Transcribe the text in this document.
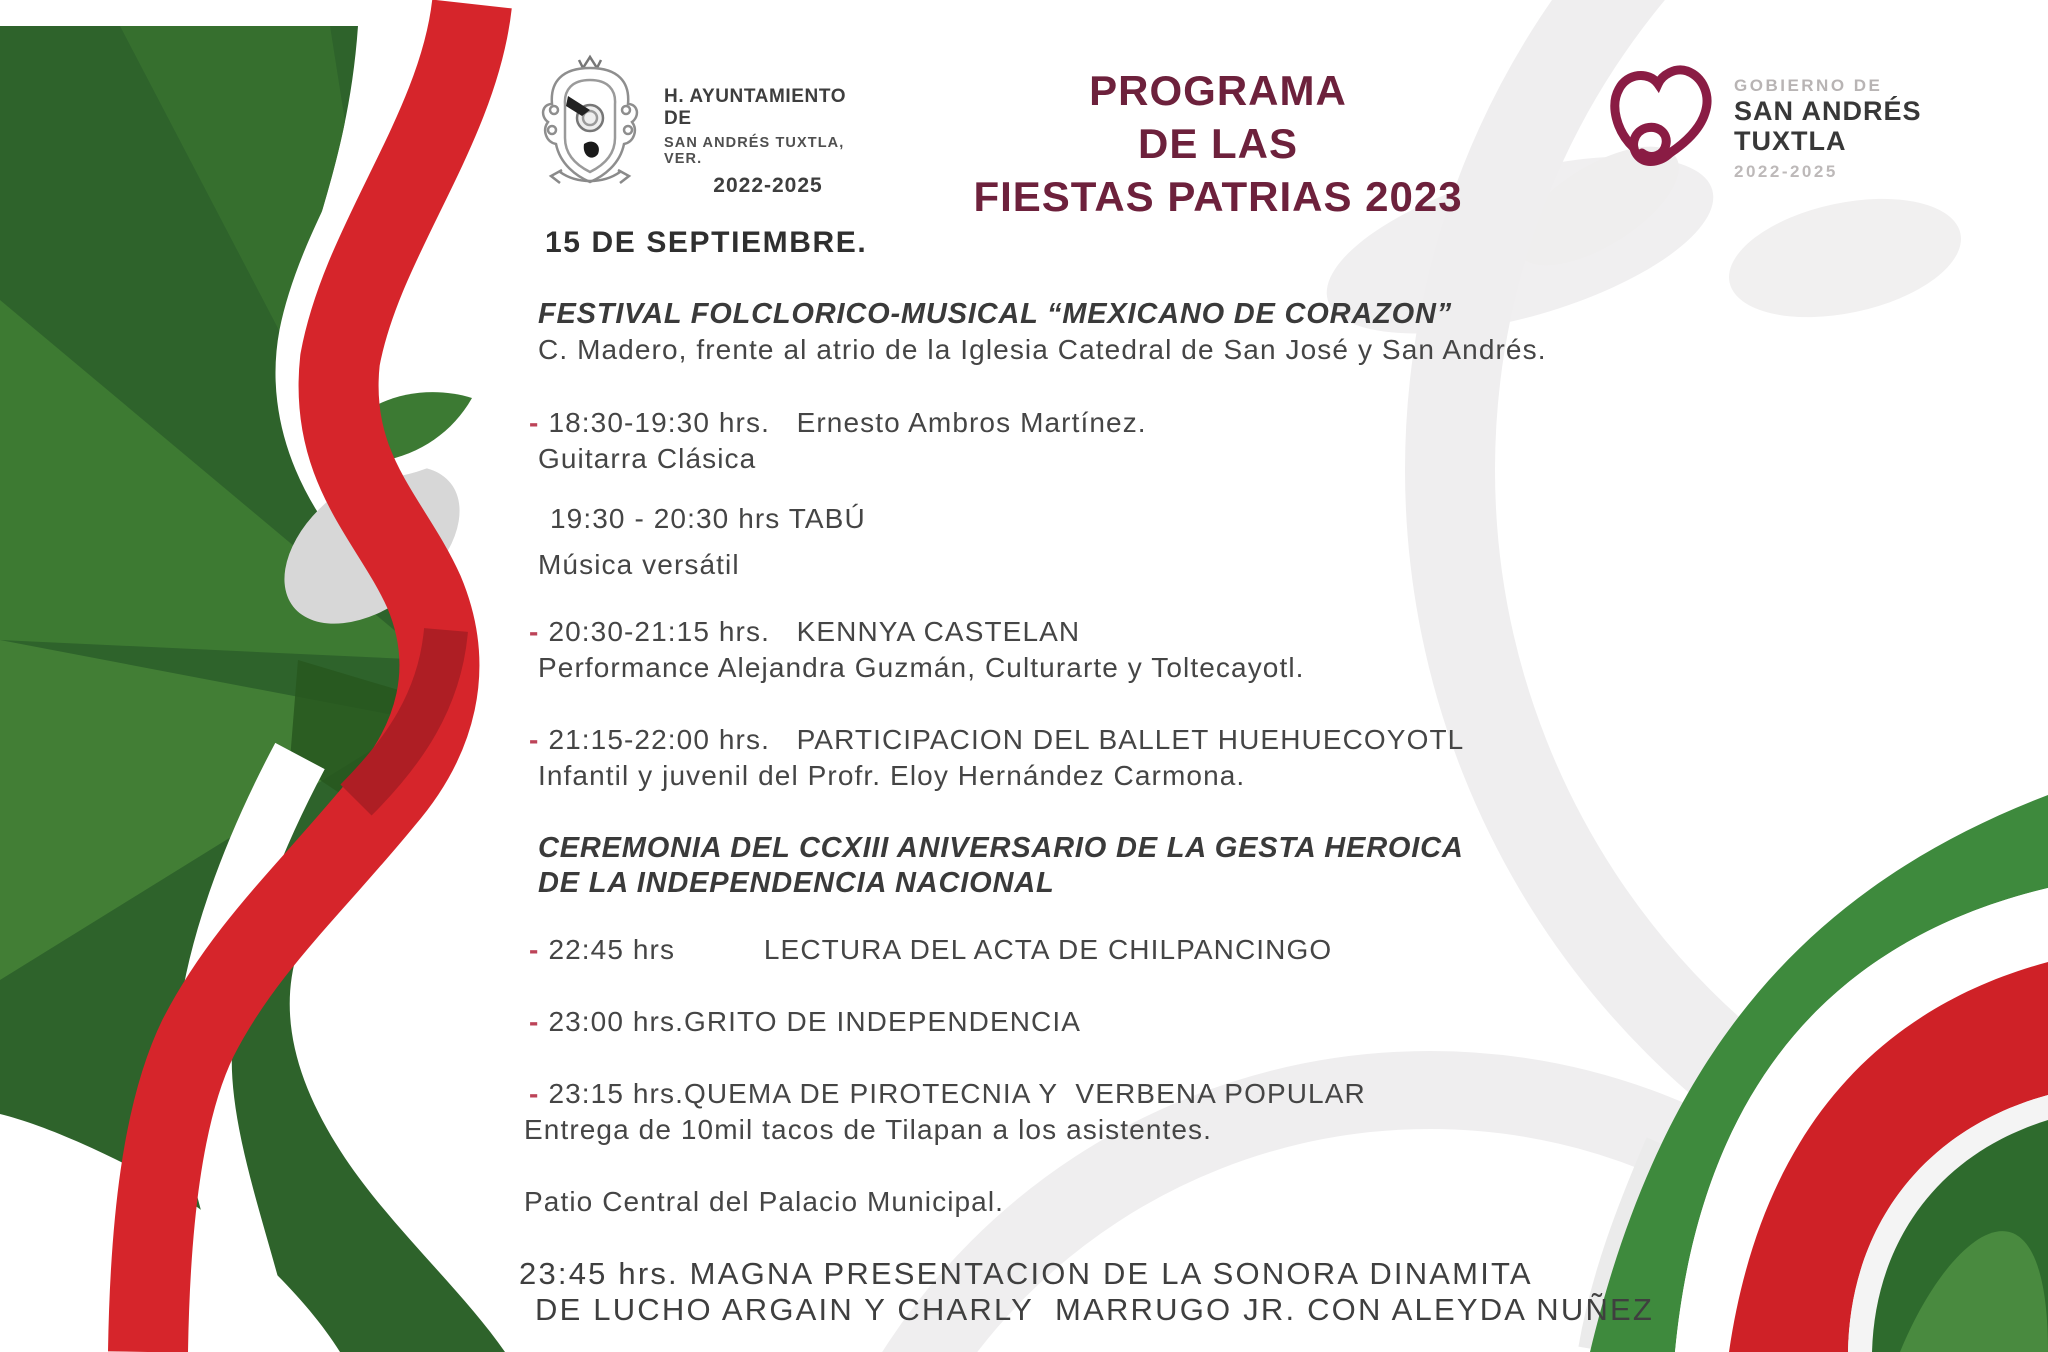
H. AYUNTAMIENTO DE
SAN ANDRÉS TUXTLA, VER.
2022-2025
PROGRAMA
DE LAS
FIESTAS PATRIAS 2023
GOBIERNO DE
SAN ANDRÉS
TUXTLA
2022-2025
15 DE SEPTIEMBRE.
FESTIVAL FOLCLORICO-MUSICAL “MEXICANO DE CORAZON”
C. Madero, frente al atrio de la Iglesia Catedral de San José y San Andrés.
- 18:30-19:30 hrs.   Ernesto Ambros Martínez.
Guitarra Clásica
19:30 - 20:30 hrs TABÚ
Música versátil
- 20:30-21:15 hrs.   KENNYA CASTELAN
Performance Alejandra Guzmán, Culturarte y Toltecayotl.
- 21:15-22:00 hrs.   PARTICIPACION DEL BALLET HUEHUECOYOTL
Infantil y juvenil del Profr. Eloy Hernández Carmona.
CEREMONIA DEL CCXIII ANIVERSARIO DE LA GESTA HEROICA
DE LA INDEPENDENCIA NACIONAL
- 22:45 hrs          LECTURA DEL ACTA DE CHILPANCINGO
- 23:00 hrs.GRITO DE INDEPENDENCIA
- 23:15 hrs.QUEMA DE PIROTECNIA Y  VERBENA POPULAR
Entrega de 10mil tacos de Tilapan a los asistentes.
Patio Central del Palacio Municipal.
23:45 hrs. MAGNA PRESENTACION DE LA SONORA DINAMITA
DE LUCHO ARGAIN Y CHARLY  MARRUGO JR. CON ALEYDA NUÑEZ
